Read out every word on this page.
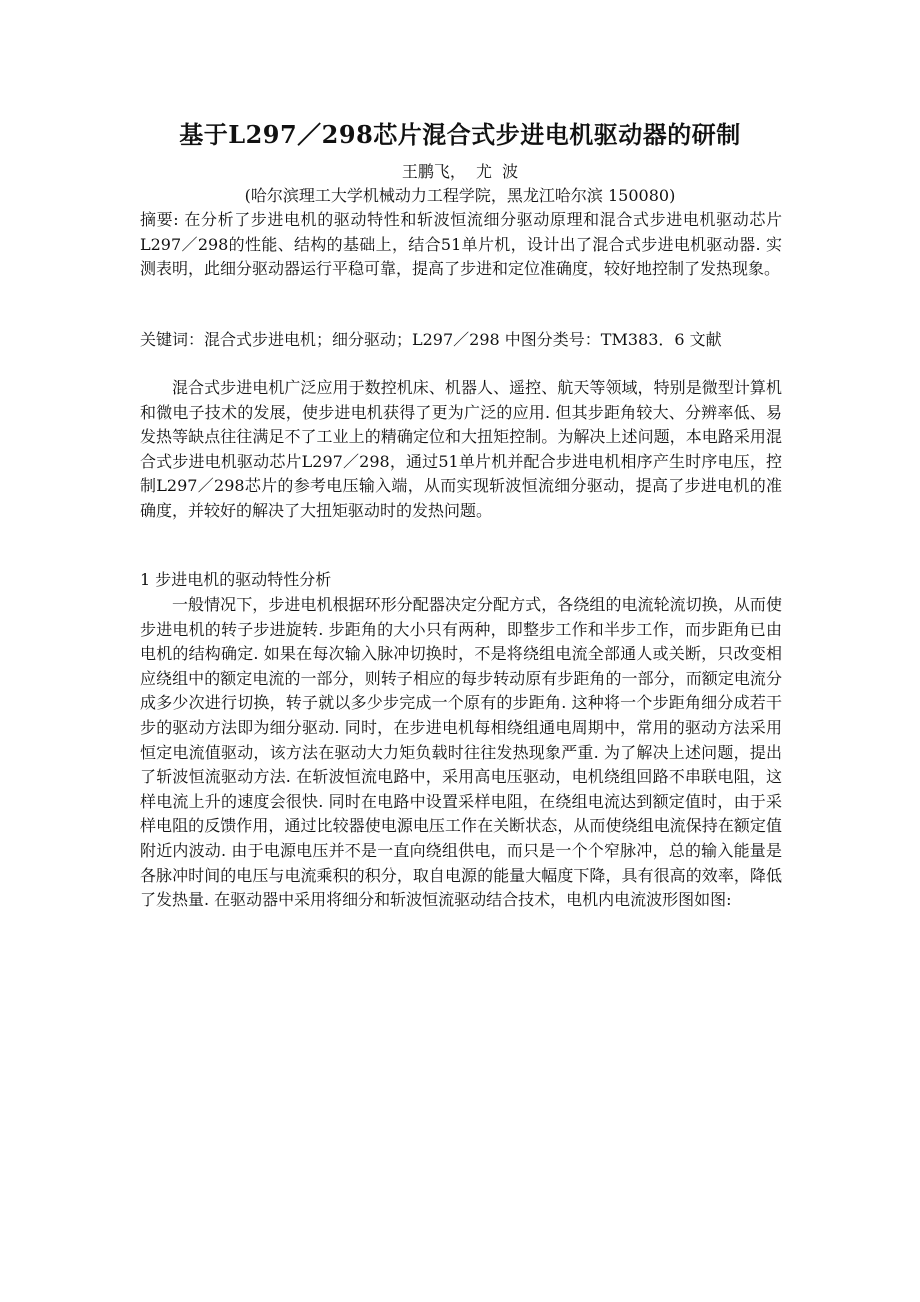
基于L297／298芯片混合式步进电机驱动器的研制
王鹏飞，  尤  波
(哈尔滨理工大学机械动力工程学院，黑龙江哈尔滨 150080)
摘要: 在分析了步进电机的驱动特性和斩波恒流细分驱动原理和混合式步进电机驱动芯片L297／298的性能、结构的基础上，结合51单片机，设计出了混合式步进电机驱动器. 实测表明，此细分驱动器运行平稳可靠，提高了步进和定位准确度，较好地控制了发热现象。
关键词：混合式步进电机；细分驱动；L297／298 中图分类号：TM383．6 文献
混合式步进电机广泛应用于数控机床、机器人、遥控、航天等领域，特别是微型计算机和微电子技术的发展，使步进电机获得了更为广泛的应用. 但其步距角较大、分辨率低、易发热等缺点往往满足不了工业上的精确定位和大扭矩控制。为解决上述问题，本电路采用混合式步进电机驱动芯片L297／298，通过51单片机并配合步进电机相序产生时序电压，控制L297／298芯片的参考电压输入端，从而实现斩波恒流细分驱动，提高了步进电机的准确度，并较好的解决了大扭矩驱动时的发热问题。
1 步进电机的驱动特性分析
一般情况下，步进电机根据环形分配器决定分配方式，各绕组的电流轮流切换，从而使步进电机的转子步进旋转. 步距角的大小只有两种，即整步工作和半步工作，而步距角已由电机的结构确定. 如果在每次输入脉冲切换时，不是将绕组电流全部通人或关断，只改变相应绕组中的额定电流的一部分，则转子相应的每步转动原有步距角的一部分，而额定电流分成多少次进行切换，转子就以多少步完成一个原有的步距角. 这种将一个步距角细分成若干步的驱动方法即为细分驱动. 同时，在步进电机每相绕组通电周期中，常用的驱动方法采用恒定电流值驱动，该方法在驱动大力矩负载时往往发热现象严重. 为了解决上述问题，提出了斩波恒流驱动方法. 在斩波恒流电路中，采用高电压驱动，电机绕组回路不串联电阻，这样电流上升的速度会很快. 同时在电路中设置采样电阻，在绕组电流达到额定值时，由于采样电阻的反馈作用，通过比较器使电源电压工作在关断状态，从而使绕组电流保持在额定值附近内波动. 由于电源电压并不是一直向绕组供电，而只是一个个窄脉冲，总的输入能量是各脉冲时间的电压与电流乘积的积分，取自电源的能量大幅度下降，具有很高的效率，降低了发热量. 在驱动器中采用将细分和斩波恒流驱动结合技术，电机内电流波形图如图:
